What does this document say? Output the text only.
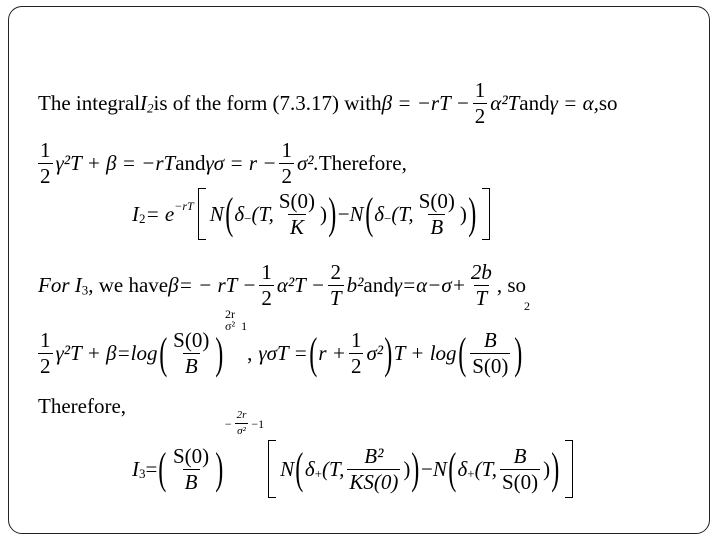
The integralI$_2$is of the form (7.3.17) withβ = $-rT - \frac{1}{2}$ α²Tandγ = α,so
$\frac{1}{2} \gamma^2T + \beta$ = −rTandγσ = $r - \frac{1}{2}$ σ².Therefore,
$I_2= e^{-rT}$ $N(\delta_-(T$, $\frac{S(0)}{K} ))-N(\delta_-(T$, $\frac{S(0)}{B}$ ))
For $I_3$, we haveβ= − rT − $\frac{1}{2} \alpha^2T - \frac{2}{T} b^2and\gamma=\alpha-\sigma+ \frac{2b}{T}$ , so
$\frac{1}{2} \gamma^2T + \beta=\log( \frac{S(0)}{B} )2r$
σ² 1, $\gamma\sigma T =(r + \frac{1}{2} \sigma^2)T + \log( \frac{B}{S(0)} )2$
Therefore,
$I_3=( \frac{S(0)}{B}$ )
− $\frac{2r}{\text{σ²}} -1$
$N(\delta_+(T$, $\frac{\text{B²}}{KS(0)} ))-N(\delta_+(T$, $\frac{B}{S(0)}$ ))
